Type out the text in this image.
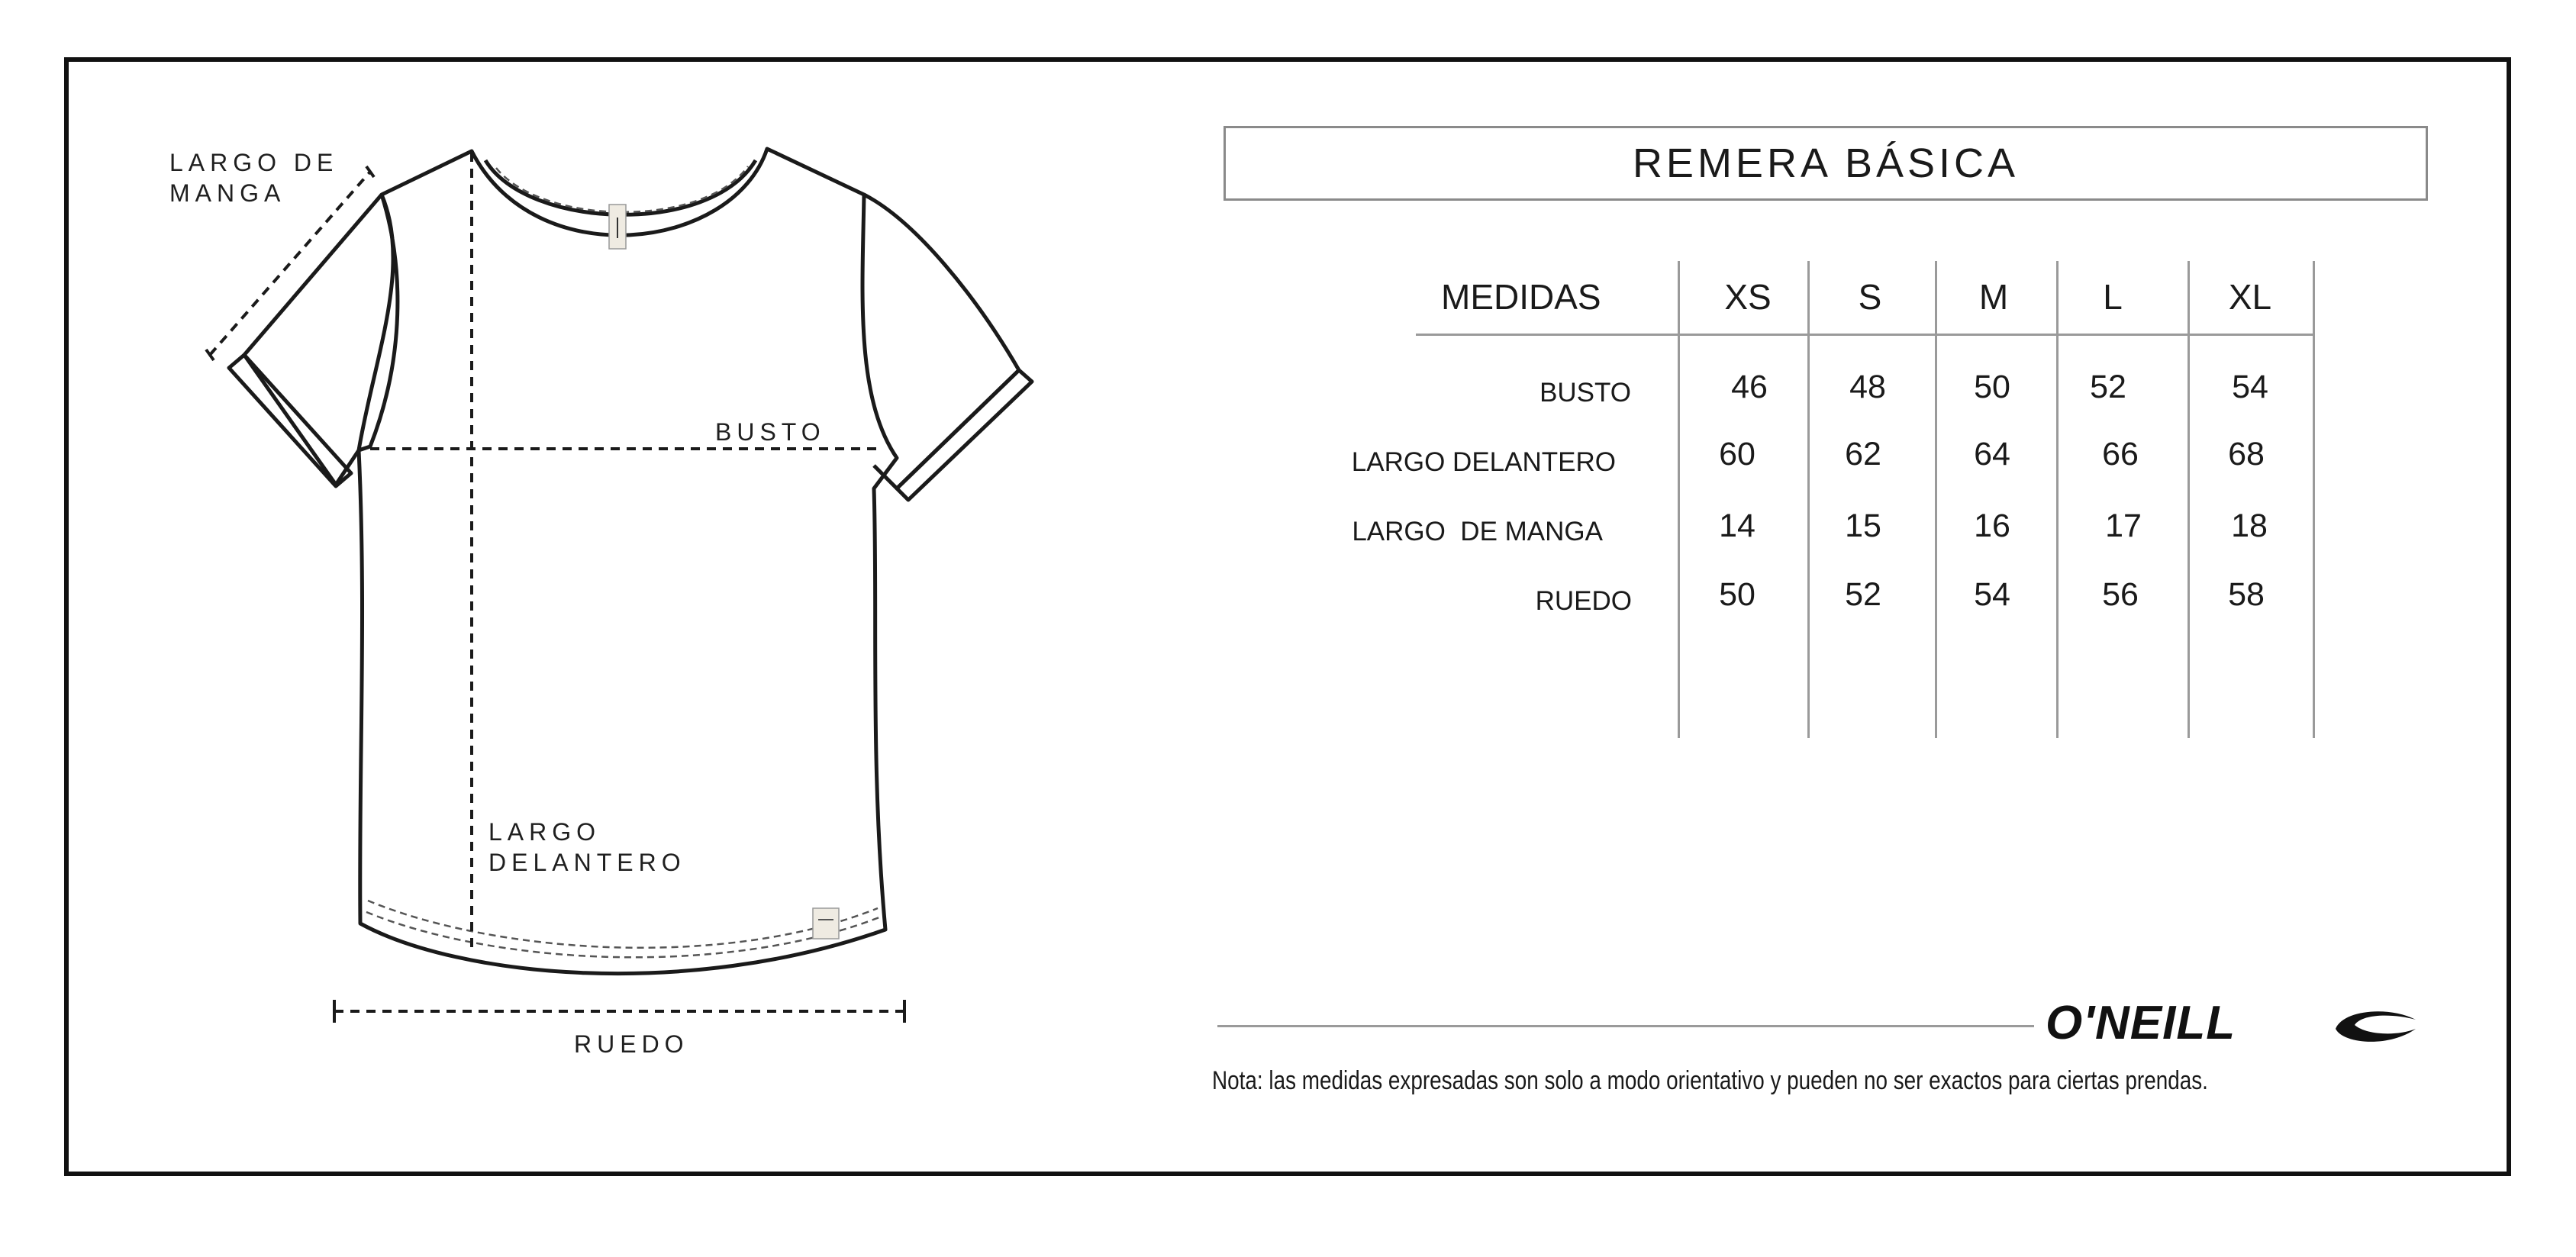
LARGO DE
MANGA
BUSTO
LARGO
DELANTERO
RUEDO
REMERA BÁSICA
MEDIDAS	XS	S	M	L	XL
BUSTO	46	48	50	52	54
LARGO DELANTERO	60	62	64	66	68
LARGO  DE MANGA	14	15	16	17	18
RUEDO	50	52	54	56	58
O'NEILL
Nota: las medidas expresadas son solo a modo orientativo y pueden no ser exactos para ciertas prendas.
